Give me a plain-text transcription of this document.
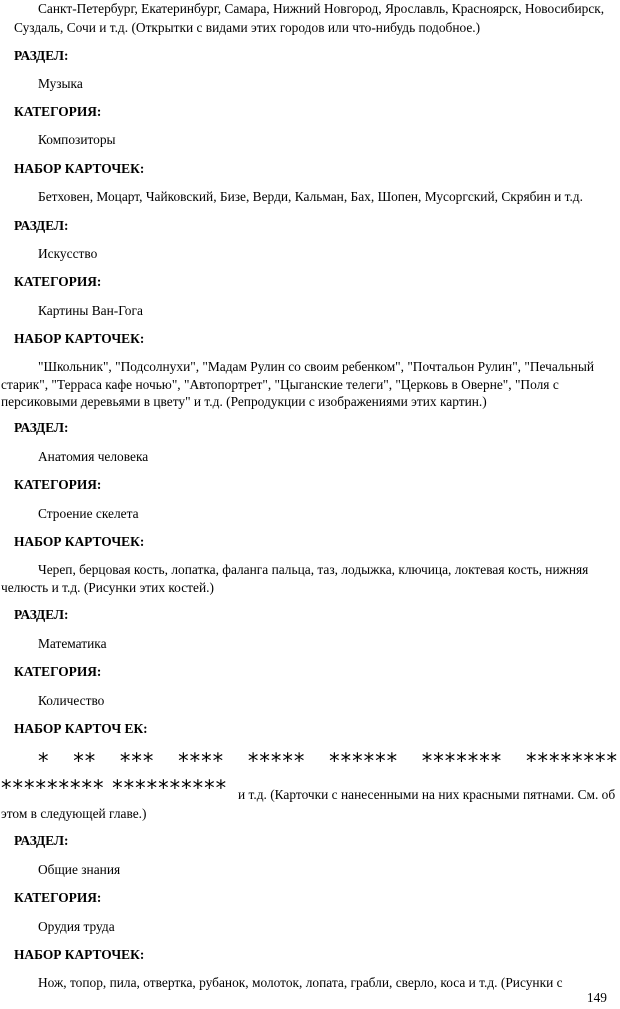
Санкт-Петербург, Екатеринбург, Самара, Нижний Новгород, Ярославль, Красноярск, Новосибирск,
Суздаль, Сочи и т.д. (Открытки с видами этих городов или что-нибудь подобное.)
РАЗДЕЛ:
Музыка
КАТЕГОРИЯ:
Композиторы
НАБОР КАРТОЧЕК:
Бетховен, Моцарт, Чайковский, Бизе, Верди, Кальман, Бах, Шопен, Мусоргский, Скрябин и т.д.
РАЗДЕЛ:
Искусство
КАТЕГОРИЯ:
Картины Ван-Гога
НАБОР КАРТОЧЕК:
"Школьник", "Подсолнухи", "Мадам Рулин со своим ребенком", "Почтальон Рулин", "Печальный
старик", "Терраса кафе ночью", "Автопортрет", "Цыганские телеги", "Церковь в Оверне", "Поля с
персиковыми деревьями в цвету" и т.д. (Репродукции с изображениями этих картин.)
РАЗДЕЛ:
Анатомия человека
КАТЕГОРИЯ:
Строение скелета
НАБОР КАРТОЧЕК:
Череп, берцовая кость, лопатка, фаланга пальца, таз, лодыжка, ключица, локтевая кость, нижняя
челюсть и т.д. (Рисунки этих костей.)
РАЗДЕЛ:
Математика
КАТЕГОРИЯ:
Количество
НАБОР КАРТОЧ ЕК:
* ** *** **** ***** ****** ******* ********
********* ********** и т.д. (Карточки с нанесенными на них красными пятнами. См. об
этом в следующей главе.)
РАЗДЕЛ:
Общие знания
КАТЕГОРИЯ:
Орудия труда
НАБОР КАРТОЧЕК:
Нож, топор, пила, отвертка, рубанок, молоток, лопата, грабли, сверло, коса и т.д. (Рисунки с
149
